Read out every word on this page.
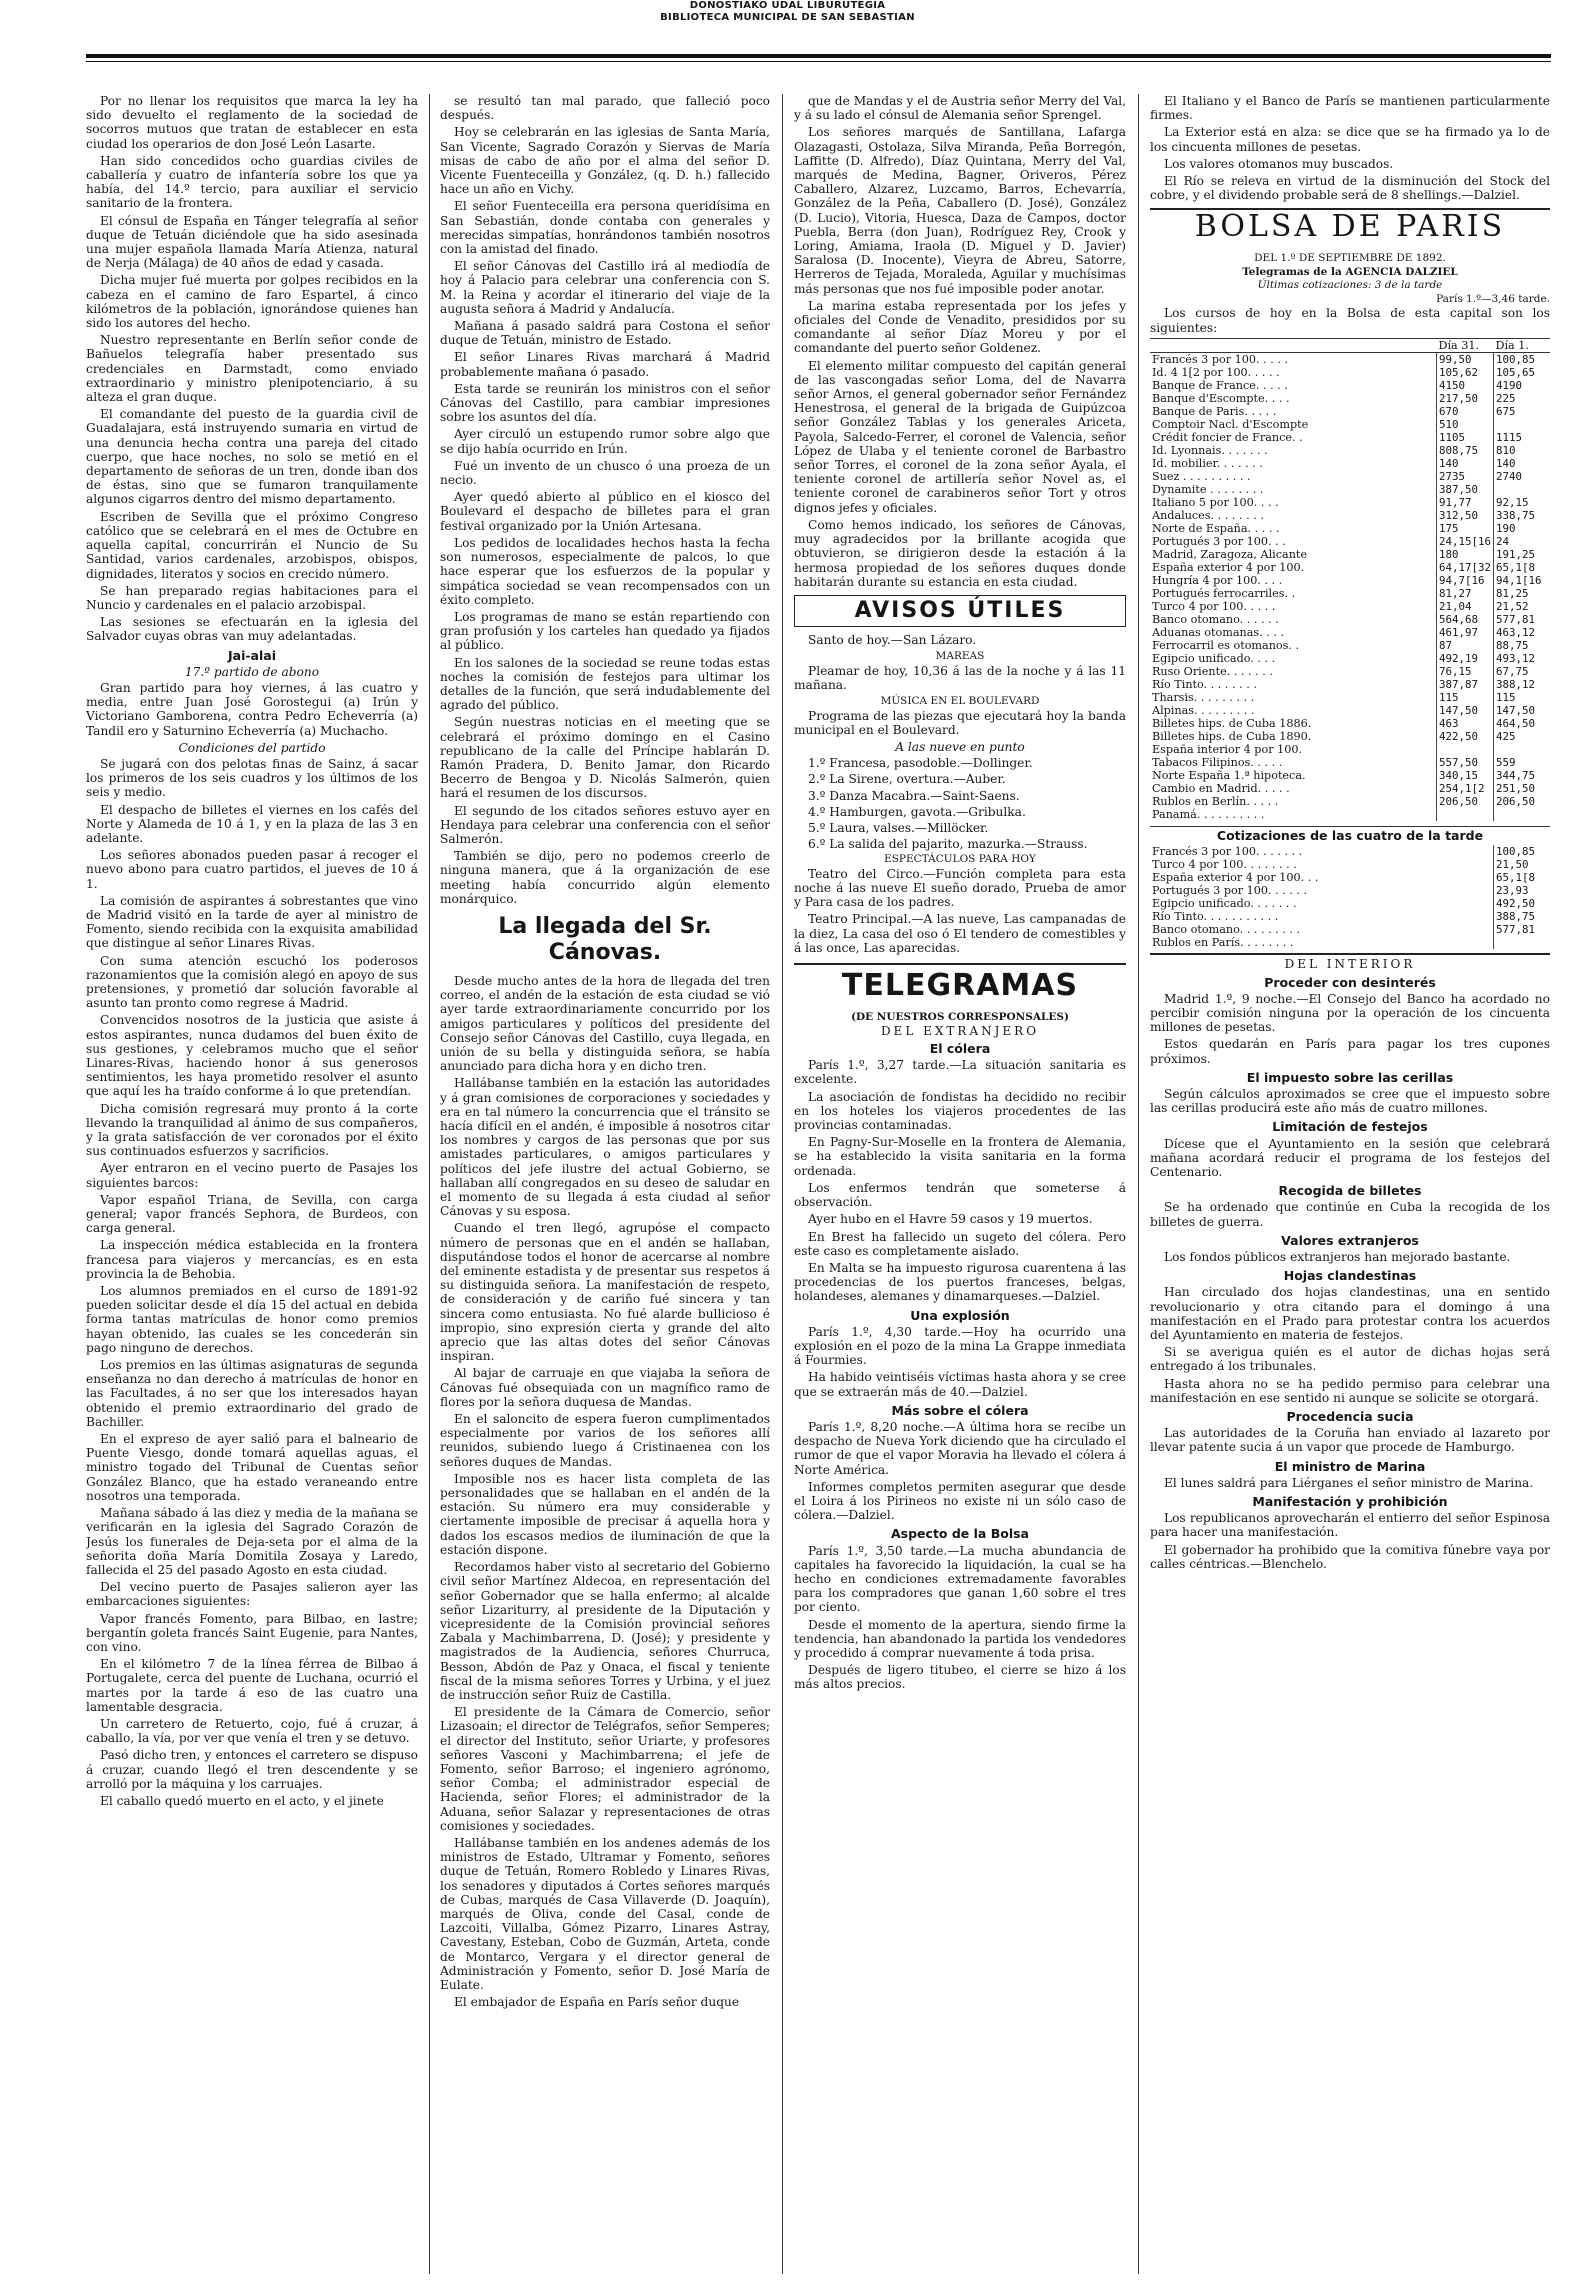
DONOSTIAKO UDAL LIBURUTEGIA
BIBLIOTECA MUNICIPAL DE SAN SEBASTIAN

Por no llenar los requisitos que marca la ley ha sido devuelto el reglamento de la sociedad de socorros mutuos que tratan de establecer en esta ciudad los operarios de don José León Lasarte.

Han sido concedidos ocho guardias civiles de caballería y cuatro de infantería sobre los que ya había, del 14.º tercio, para auxiliar el servicio sanitario de la frontera.

El cónsul de España en Tánger telegrafía al señor duque de Tetuán diciéndole que ha sido asesinada una mujer española llamada María Atienza, natural de Nerja (Málaga) de 40 años de edad y casada.

Dicha mujer fué muerta por golpes recibidos en la cabeza en el camino de faro Espartel, á cinco kilómetros de la población, ignorándose quienes han sido los autores del hecho.

Nuestro representante en Berlín señor conde de Bañuelos telegrafía haber presentado sus credenciales en Darmstadt, como enviado extraordinario y ministro plenipotenciario, á su alteza el gran duque.

El comandante del puesto de la guardia civil de Guadalajara, está instruyendo sumaria en virtud de una denuncia hecha contra una pareja del citado cuerpo, que hace noches, no solo se metió en el departamento de señoras de un tren, donde iban dos de éstas, sino que se fumaron tranquilamente algunos cigarros dentro del mismo departamento.

Escriben de Sevilla que el próximo Congreso católico que se celebrará en el mes de Octubre en aquella capital, concurrirán el Nuncio de Su Santidad, varios cardenales, arzobispos, obispos, dignidades, literatos y socios en crecido número.

Se han preparado regias habitaciones para el Nuncio y cardenales en el palacio arzobispal.

Las sesiones se efectuarán en la iglesia del Salvador cuyas obras van muy adelantadas.

Jai-alai
17.º partido de abono

Gran partido para hoy viernes, á las cuatro y media, entre Juan José Gorostegui (a) Irún y Victoriano Gamborena, contra Pedro Echeverría (a) Tandil ero y Saturnino Echeverría (a) Muchacho.

Condiciones del partido

Se jugará con dos pelotas finas de Sainz, á sacar los primeros de los seis cuadros y los últimos de los seis y medio.

El despacho de billetes el viernes en los cafés del Norte y Alameda de 10 á 1, y en la plaza de las 3 en adelante.

Los señores abonados pueden pasar á recoger el nuevo abono para cuatro partidos, el jueves de 10 á 1.

La comisión de aspirantes á sobrestantes que vino de Madrid visitó en la tarde de ayer al ministro de Fomento, siendo recibida con la exquisita amabilidad que distingue al señor Linares Rivas.

Con suma atención escuchó los poderosos razonamientos que la comisión alegó en apoyo de sus pretensiones, y prometió dar solución favorable al asunto tan pronto como regrese á Madrid.

Convencidos nosotros de la justicia que asiste á estos aspirantes, nunca dudamos del buen éxito de sus gestiones, y celebramos mucho que el señor Linares-Rivas, haciendo honor á sus generosos sentimientos, les haya prometido resolver el asunto que aquí les ha traído conforme á lo que pretendían.

Dicha comisión regresará muy pronto á la corte llevando la tranquilidad al ánimo de sus compañeros, y la grata satisfacción de ver coronados por el éxito sus continuados esfuerzos y sacrificios.

Ayer entraron en el vecino puerto de Pasajes los siguientes barcos:

Vapor español Triana, de Sevilla, con carga general; vapor francés Sephora, de Burdeos, con carga general.

La inspección médica establecida en la frontera francesa para viajeros y mercancías, es en esta provincia la de Behobia.

Los alumnos premiados en el curso de 1891-92 pueden solicitar desde el día 15 del actual en debida forma tantas matrículas de honor como premios hayan obtenido, las cuales se les concederán sin pago ninguno de derechos.

Los premios en las últimas asignaturas de segunda enseñanza no dan derecho á matrículas de honor en las Facultades, á no ser que los interesados hayan obtenido el premio extraordinario del grado de Bachiller.

En el expreso de ayer salió para el balneario de Puente Viesgo, donde tomará aquellas aguas, el ministro togado del Tribunal de Cuentas señor González Blanco, que ha estado veraneando entre nosotros una temporada.

Mañana sábado á las diez y media de la mañana se verificarán en la iglesia del Sagrado Corazón de Jesús los funerales de Deja-seta por el alma de la señorita doña María Domitila Zosaya y Laredo, fallecida el 25 del pasado Agosto en esta ciudad.

Del vecino puerto de Pasajes salieron ayer las embarcaciones siguientes:

Vapor francés Fomento, para Bilbao, en lastre; bergantín goleta francés Saint Eugenie, para Nantes, con vino.

En el kilómetro 7 de la línea férrea de Bilbao á Portugalete, cerca del puente de Luchana, ocurrió el martes por la tarde á eso de las cuatro una lamentable desgracia.

Un carretero de Retuerto, cojo, fué á cruzar, á caballo, la vía, por ver que venía el tren y se detuvo.

Pasó dicho tren, y entonces el carretero se dispuso á cruzar, cuando llegó el tren descendente y se arrolló por la máquina y los carruajes.

El caballo quedó muerto en el acto, y el jinete

se resultó tan mal parado, que falleció poco después.

Hoy se celebrarán en las iglesias de Santa María, San Vicente, Sagrado Corazón y Siervas de María misas de cabo de año por el alma del señor D. Vicente Fuenteceilla y González, (q. D. h.) fallecido hace un año en Vichy.

El señor Fuenteceilla era persona queridísima en San Sebastián, donde contaba con generales y merecidas simpatías, honrándonos también nosotros con la amistad del finado.

El señor Cánovas del Castillo irá al mediodía de hoy á Palacio para celebrar una conferencia con S. M. la Reina y acordar el itinerario del viaje de la augusta señora á Madrid y Andalucía.

Mañana á pasado saldrá para Costona el señor duque de Tetuán, ministro de Estado.

El señor Linares Rivas marchará á Madrid probablemente mañana ó pasado.

Esta tarde se reunirán los ministros con el señor Cánovas del Castillo, para cambiar impresiones sobre los asuntos del día.

Ayer circuló un estupendo rumor sobre algo que se dijo había ocurrido en Irún.

Fué un invento de un chusco ó una proeza de un necio.

Ayer quedó abierto al público en el kiosco del Boulevard el despacho de billetes para el gran festival organizado por la Unión Artesana.

Los pedidos de localidades hechos hasta la fecha son numerosos, especialmente de palcos, lo que hace esperar que los esfuerzos de la popular y simpática sociedad se vean recompensados con un éxito completo.

Los programas de mano se están repartiendo con gran profusión y los carteles han quedado ya fijados al público.

En los salones de la sociedad se reune todas estas noches la comisión de festejos para ultimar los detalles de la función, que será indudablemente del agrado del público.

Según nuestras noticias en el meeting que se celebrará el próximo domingo en el Casino republicano de la calle del Príncipe hablarán D. Ramón Pradera, D. Benito Jamar, don Ricardo Becerro de Bengoa y D. Nicolás Salmerón, quien hará el resumen de los discursos.

El segundo de los citados señores estuvo ayer en Hendaya para celebrar una conferencia con el señor Salmerón.

También se dijo, pero no podemos creerlo de ninguna manera, que á la organización de ese meeting había concurrido algún elemento monárquico.

La llegada del Sr. Cánovas.

Desde mucho antes de la hora de llegada del tren correo, el andén de la estación de esta ciudad se vió ayer tarde extraordinariamente concurrido por los amigos particulares y políticos del presidente del Consejo señor Cánovas del Castillo, cuya llegada, en unión de su bella y distinguida señora, se había anunciado para dicha hora y en dicho tren.

Hallábanse también en la estación las autoridades y á gran comisiones de corporaciones y sociedades y era en tal número la concurrencia que el tránsito se hacía difícil en el andén, é imposible á nosotros citar los nombres y cargos de las personas que por sus amistades particulares, o amigos particulares y políticos del jefe ilustre del actual Gobierno, se hallaban allí congregados en su deseo de saludar en el momento de su llegada á esta ciudad al señor Cánovas y su esposa.

Cuando el tren llegó, agrupóse el compacto número de personas que en el andén se hallaban, disputándose todos el honor de acercarse al nombre del eminente estadista y de presentar sus respetos á su distinguida señora. La manifestación de respeto, de consideración y de cariño fué sincera y tan sincera como entusiasta. No fué alarde bullicioso é impropio, sino expresión cierta y grande del alto aprecio que las altas dotes del señor Cánovas inspiran.

Al bajar de carruaje en que viajaba la señora de Cánovas fué obsequiada con un magnífico ramo de flores por la señora duquesa de Mandas.

En el saloncito de espera fueron cumplimentados especialmente por varios de los señores allí reunidos, subiendo luego á Cristinaenea con los señores duques de Mandas.

Imposible nos es hacer lista completa de las personalidades que se hallaban en el andén de la estación. Su número era muy considerable y ciertamente imposible de precisar á aquella hora y dados los escasos medios de iluminación de que la estación dispone.

Recordamos haber visto al secretario del Gobierno civil señor Martínez Aldecoa, en representación del señor Gobernador que se halla enfermo; al alcalde señor Lizariturry, al presidente de la Diputación y vicepresidente de la Comisión provincial señores Zabala y Machimbarrena, D. (José); y presidente y magistrados de la Audiencia, señores Churruca, Besson, Abdón de Paz y Onaca, el fiscal y teniente fiscal de la misma señores Torres y Urbina, y el juez de instrucción señor Ruiz de Castilla.

El presidente de la Cámara de Comercio, señor Lizasoain; el director de Telégrafos, señor Semperes; el director del Instituto, señor Uriarte, y profesores señores Vasconi y Machimbarrena; el jefe de Fomento, señor Barroso; el ingeniero agrónomo, señor Comba; el administrador especial de Hacienda, señor Flores; el administrador de la Aduana, señor Salazar y representaciones de otras comisiones y sociedades.

Hallábanse también en los andenes además de los ministros de Estado, Ultramar y Fomento, señores duque de Tetuán, Romero Robledo y Linares Rivas, los senadores y diputados á Cortes señores marqués de Cubas, marqués de Casa Villaverde (D. Joaquín), marqués de Oliva, conde del Casal, conde de Lazcoiti, Villalba, Gómez Pizarro, Linares Astray, Cavestany, Esteban, Cobo de Guzmán, Arteta, conde de Montarco, Vergara y el director general de Administración y Fomento, señor D. José María de Eulate.

El embajador de España en París señor duque

que de Mandas y el de Austria señor Merry del Val, y á su lado el cónsul de Alemania señor Sprengel.

Los señores marqués de Santillana, Lafarga Olazagasti, Ostolaza, Silva Miranda, Peña Borregón, Laffitte (D. Alfredo), Díaz Quintana, Merry del Val, marqués de Medina, Bagner, Oriveros, Pérez Caballero, Alzarez, Luzcamo, Barros, Echevarría, González de la Peña, Caballero (D. José), González (D. Lucio), Vitoria, Huesca, Daza de Campos, doctor Puebla, Berra (don Juan), Rodríguez Rey, Crook y Loring, Amiama, Iraola (D. Miguel y D. Javier) Saralosa (D. Inocente), Vieyra de Abreu, Satorre, Herreros de Tejada, Moraleda, Aguilar y muchísimas más personas que nos fué imposible poder anotar.

La marina estaba representada por los jefes y oficiales del Conde de Venadito, presididos por su comandante al señor Díaz Moreu y por el comandante del puerto señor Goldenez.

El elemento militar compuesto del capitán general de las vascongadas señor Loma, del de Navarra señor Arnos, el general gobernador señor Fernández Henestrosa, el general de la brigada de Guipúzcoa señor González Tablas y los generales Ariceta, Payola, Salcedo-Ferrer, el coronel de Valencia, señor López de Ulaba y el teniente coronel de Barbastro señor Torres, el coronel de la zona señor Ayala, el teniente coronel de artillería señor Novel as, el teniente coronel de carabineros señor Tort y otros dignos jefes y oficiales.

Como hemos indicado, los señores de Cánovas, muy agradecidos por la brillante acogida que obtuvieron, se dirigieron desde la estación á la hermosa propiedad de los señores duques donde habitarán durante su estancia en esta ciudad.

AVISOS ÚTILES

Santo de hoy.—San Lázaro.

MAREAS

Pleamar de hoy, 10,36 á las de la noche y á las 11 mañana.

MÚSICA EN EL BOULEVARD

Programa de las piezas que ejecutará hoy la banda municipal en el Boulevard.

A las nueve en punto
1.º Francesa, pasodoble.—Dollinger.
2.º La Sirene, overtura.—Auber.
3.º Danza Macabra.—Saint-Saens.
4.º Hamburgen, gavota.—Gribulka.
5.º Laura, valses.—Millöcker.
6.º La salida del pajarito, mazurka.—Strauss.
ESPECTÁCULOS PARA HOY

Teatro del Circo.—Función completa para esta noche á las nueve El sueño dorado, Prueba de amor y Para casa de los padres.

Teatro Principal.—A las nueve, Las campanadas de la diez, La casa del oso ó El tendero de comestibles y á las once, Las aparecidas.

TELEGRAMAS
(DE NUESTROS CORRESPONSALES)
DEL EXTRANJERO
El cólera

París 1.º, 3,27 tarde.—La situación sanitaria es excelente.

La asociación de fondistas ha decidido no recibir en los hoteles los viajeros procedentes de las provincias contaminadas.

En Pagny-Sur-Moselle en la frontera de Alemania, se ha establecido la visita sanitaria en la forma ordenada.

Los enfermos tendrán que someterse á observación.

Ayer hubo en el Havre 59 casos y 19 muertos.

En Brest ha fallecido un sugeto del cólera. Pero este caso es completamente aislado.

En Malta se ha impuesto rigurosa cuarentena á las procedencias de los puertos franceses, belgas, holandeses, alemanes y dinamarqueses.—Dalziel.

Una explosión

París 1.º, 4,30 tarde.—Hoy ha ocurrido una explosión en el pozo de la mina La Grappe inmediata á Fourmies.

Ha habido veintiséis víctimas hasta ahora y se cree que se extraerán más de 40.—Dalziel.

Más sobre el cólera

París 1.º, 8,20 noche.—A última hora se recibe un despacho de Nueva York diciendo que ha circulado el rumor de que el vapor Moravia ha llevado el cólera á Norte América.

Informes completos permiten asegurar que desde el Loira á los Pirineos no existe ni un sólo caso de cólera.—Dalziel.

Aspecto de la Bolsa

París 1.º, 3,50 tarde.—La mucha abundancia de capitales ha favorecido la liquidación, la cual se ha hecho en condiciones extremadamente favorables para los compradores que ganan 1,60 sobre el tres por ciento.

Desde el momento de la apertura, siendo firme la tendencia, han abandonado la partida los vendedores y procedido á comprar nuevamente á toda prisa.

Después de ligero titubeo, el cierre se hizo á los más altos precios.

El Italiano y el Banco de París se mantienen particularmente firmes.

La Exterior está en alza: se dice que se ha firmado ya lo de los cincuenta millones de pesetas.

Los valores otomanos muy buscados.

El Río se releva en virtud de la disminución del Stock del cobre, y el dividendo probable será de 8 shellings.—Dalziel.

BOLSA DE PARIS
DEL 1.º DE SEPTIEMBRE DE 1892.
Telegramas de la AGENCIA DALZIEL
Últimas cotizaciones: 3 de la tarde
París 1.º—3,46 tarde.

Los cursos de hoy en la Bolsa de esta capital son los siguientes:

	Día 31.	Día 1.
Francés 3 por 100. . . . .	99,50	100,85
Id. 4 1[2 por 100. . . . .	105,62	105,65
Banque de France. . . . .	4150	4190
Banque d'Escompte. . . .	217,50	225
Banque de Paris. . . . .	670	675
Comptoir Nacl. d'Escompte	510	
Crédit foncier de France. .	1105	1115
Id. Lyonnais. . . . . . .	808,75	810
Id. mobilier. . . . . . .	140	140
Suez . . . . . . . . . .	2735	2740
Dynamite . . . . . . . .	387,50	
Italiano 5 por 100. . . .	91,77	92,15
Andaluces. . . . . . . .	312,50	338,75
Norte de España. . . . .	175	190
Portugués 3 por 100. . .	24,15[16	24
Madrid, Zaragoza, Alicante	180	191,25
España exterior 4 por 100.	64,17[32	65,1[8
Hungría 4 por 100. . . .	94,7[16	94,1[16
Portugués ferrocarriles. .	81,27	81,25
Turco 4 por 100. . . . .	21,04	21,52
Banco otomano. . . . . .	564,68	577,81
Aduanas otomanas. . . .	461,97	463,12
Ferrocarril es otomanos. .	87	88,75
Egipcio unificado. . . .	492,19	493,12
Ruso Oriente. . . . . . .	76,15	67,75
Río Tinto. . . . . . . .	387,87	388,12
Tharsis. . . . . . . . .	115	115
Alpinas. . . . . . . . .	147,50	147,50
Billetes hips. de Cuba 1886.	463	464,50
Billetes hips. de Cuba 1890.	422,50	425
España interior 4 por 100.		
Tabacos Filipinos. . . . .	557,50	559
Norte España 1.ª hipoteca.	340,15	344,75
Cambio en Madrid. . . . .	254,1[2	251,50
Rublos en Berlín. . . . .	206,50	206,50
Panamá. . . . . . . . . .		
Cotizaciones de las cuatro de la tarde
Francés 3 por 100. . . . . . .	100,85
Turco 4 por 100. . . . . . . .	21,50
España exterior 4 por 100. . .	65,1[8
Portugués 3 por 100. . . . . .	23,93
Egipcio unificado. . . . . . .	492,50
Río Tinto. . . . . . . . . . .	388,75
Banco otomano. . . . . . . . .	577,81
Rublos en París. . . . . . . .	
DEL INTERIOR
Proceder con desinterés

Madrid 1.º, 9 noche.—El Consejo del Banco ha acordado no percibir comisión ninguna por la operación de los cincuenta millones de pesetas.

Estos quedarán en París para pagar los tres cupones próximos.

El impuesto sobre las cerillas

Según cálculos aproximados se cree que el impuesto sobre las cerillas producirá este año más de cuatro millones.

Limitación de festejos

Dícese que el Ayuntamiento en la sesión que celebrará mañana acordará reducir el programa de los festejos del Centenario.

Recogida de billetes

Se ha ordenado que continúe en Cuba la recogida de los billetes de guerra.

Valores extranjeros

Los fondos públicos extranjeros han mejorado bastante.

Hojas clandestinas

Han circulado dos hojas clandestinas, una en sentido revolucionario y otra citando para el domingo á una manifestación en el Prado para protestar contra los acuerdos del Ayuntamiento en materia de festejos.

Si se averigua quién es el autor de dichas hojas será entregado á los tribunales.

Hasta ahora no se ha pedido permiso para celebrar una manifestación en ese sentido ni aunque se solicite se otorgará.

Procedencia sucia

Las autoridades de la Coruña han enviado al lazareto por llevar patente sucia á un vapor que procede de Hamburgo.

El ministro de Marina

El lunes saldrá para Liérganes el señor ministro de Marina.

Manifestación y prohibición

Los republicanos aprovecharán el entierro del señor Espinosa para hacer una manifestación.

El gobernador ha prohibido que la comitiva fúnebre vaya por calles céntricas.—Blenchelo.
